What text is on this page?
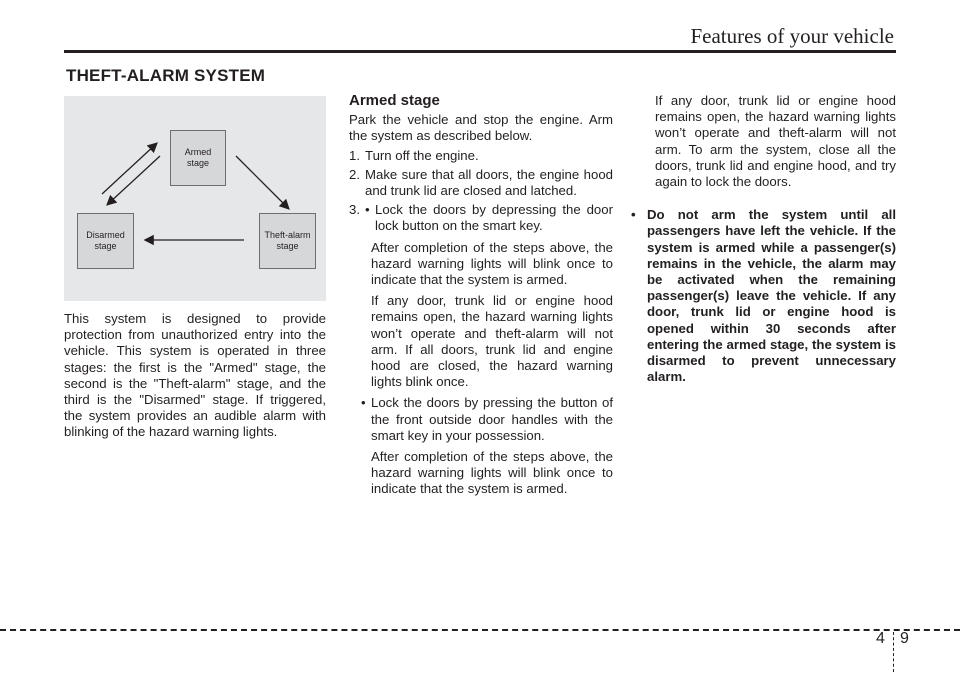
Features of your vehicle
THEFT-ALARM SYSTEM
Armed
stage
Theft-alarm
stage
Disarmed
stage

This system is designed to provide protection from unauthorized entry into the vehicle. This system is operated in three stages: the first is the "Armed" stage, the second is the "Theft-alarm" stage, and the third is the "Disarmed" stage. If triggered, the system provides an audible alarm with blinking of the hazard warning lights.

Armed stage

Park the vehicle and stop the engine. Arm the system as described below.

1. Turn off the engine.
2. Make sure that all doors, the engine hood and trunk lid are closed and latched.
3. • Lock the doors by depressing the door lock button on the smart key.

After completion of the steps above, the hazard warning lights will blink once to indicate that the system is armed.

If any door, trunk lid or engine hood remains open, the hazard warning lights won’t operate and theft-alarm will not arm. If all doors, trunk lid and engine hood are closed, the hazard warning lights blink once.

• Lock the doors by pressing the button of the front outside door handles with the smart key in your possession.

After completion of the steps above, the hazard warning lights will blink once to indicate that the system is armed.

If any door, trunk lid or engine hood remains open, the hazard warning lights won’t operate and theft-alarm will not arm. To arm the system, close all the doors, trunk lid and engine hood, and try again to lock the doors.

• Do not arm the system until all passengers have left the vehicle. If the system is armed while a passenger(s) remains in the vehicle, the alarm may be activated when the remaining passenger(s) leave the vehicle. If any door, trunk lid or engine hood is opened within 30 seconds after entering the armed stage, the system is disarmed to prevent unnecessary alarm.
4 9
